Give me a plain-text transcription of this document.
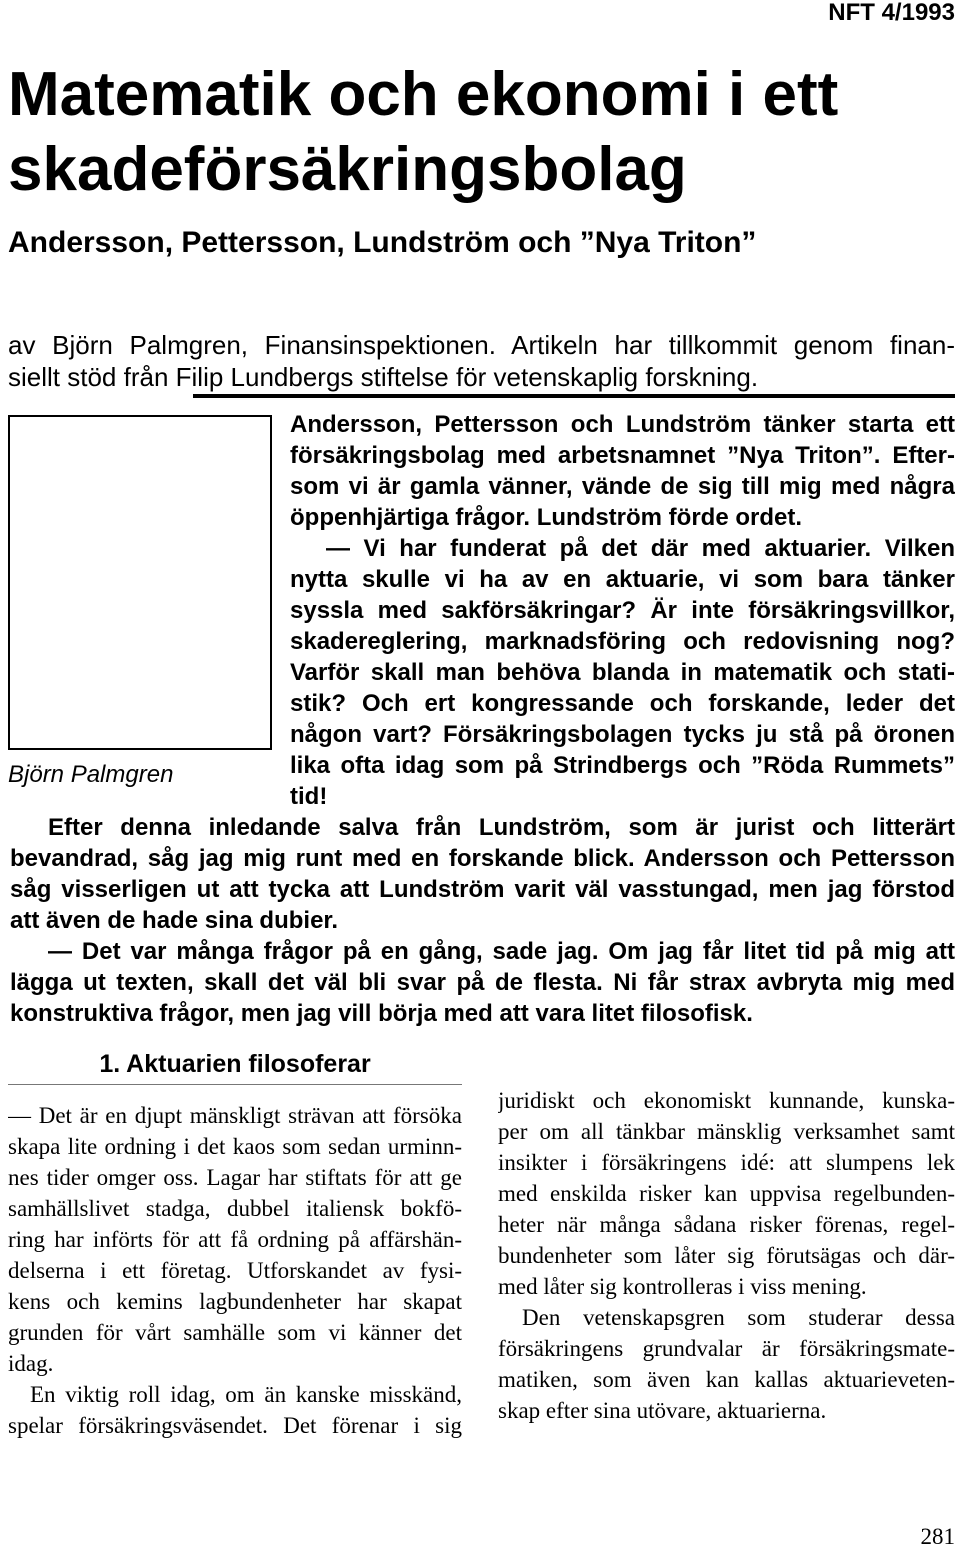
NFT 4/1993
Matematik och ekonomi i ett
skadeförsäkringsbolag
Andersson, Pettersson, Lundström och ”Nya Triton”
av Björn Palmgren, Finansinspektionen. Artikeln har tillkommit genom finan-
siellt stöd från Filip Lundbergs stiftelse för vetenskaplig forskning.
Björn Palmgren
Andersson, Pettersson och Lundström tänker starta ett
försäkringsbolag med arbetsnamnet ”Nya Triton”. Efter-
som vi är gamla vänner, vände de sig till mig med några
öppenhjärtiga frågor. Lundström förde ordet.
— Vi har funderat på det där med aktuarier. Vilken
nytta skulle vi ha av en aktuarie, vi som bara tänker
syssla med sakförsäkringar? Är inte försäkringsvillkor,
skadereglering, marknadsföring och redovisning nog?
Varför skall man behöva blanda in matematik och stati-
stik? Och ert kongressande och forskande, leder det
någon vart? Försäkringsbolagen tycks ju stå på öronen
lika ofta idag som på Strindbergs och ”Röda Rummets”
tid!
Efter denna inledande salva från Lundström, som är jurist och litterärt
bevandrad, såg jag mig runt med en forskande blick. Andersson och Pettersson
såg visserligen ut att tycka att Lundström varit väl vasstungad, men jag förstod
att även de hade sina dubier.
— Det var många frågor på en gång, sade jag. Om jag får litet tid på mig att
lägga ut texten, skall det väl bli svar på de flesta. Ni får strax avbryta mig med
konstruktiva frågor, men jag vill börja med att vara litet filosofisk.
1. Aktuarien filosoferar
— Det är en djupt mänskligt strävan att försöka
skapa lite ordning i det kaos som sedan urminn-
nes tider omger oss. Lagar har stiftats för att ge
samhällslivet stadga, dubbel italiensk bokfö-
ring har införts för att få ordning på affärshän-
delserna i ett företag. Utforskandet av fysi-
kens och kemins lagbundenheter har skapat
grunden för vårt samhälle som vi känner det
idag.
En viktig roll idag, om än kanske misskänd,
spelar försäkringsväsendet. Det förenar i sig
juridiskt och ekonomiskt kunnande, kunska-
per om all tänkbar mänsklig verksamhet samt
insikter i försäkringens idé: att slumpens lek
med enskilda risker kan uppvisa regelbunden-
heter när många sådana risker förenas, regel-
bundenheter som låter sig förutsägas och där-
med låter sig kontrolleras i viss mening.
Den vetenskapsgren som studerar dessa
försäkringens grundvalar är försäkringsmate-
matiken, som även kan kallas aktuarieveten-
skap efter sina utövare, aktuarierna.
281
